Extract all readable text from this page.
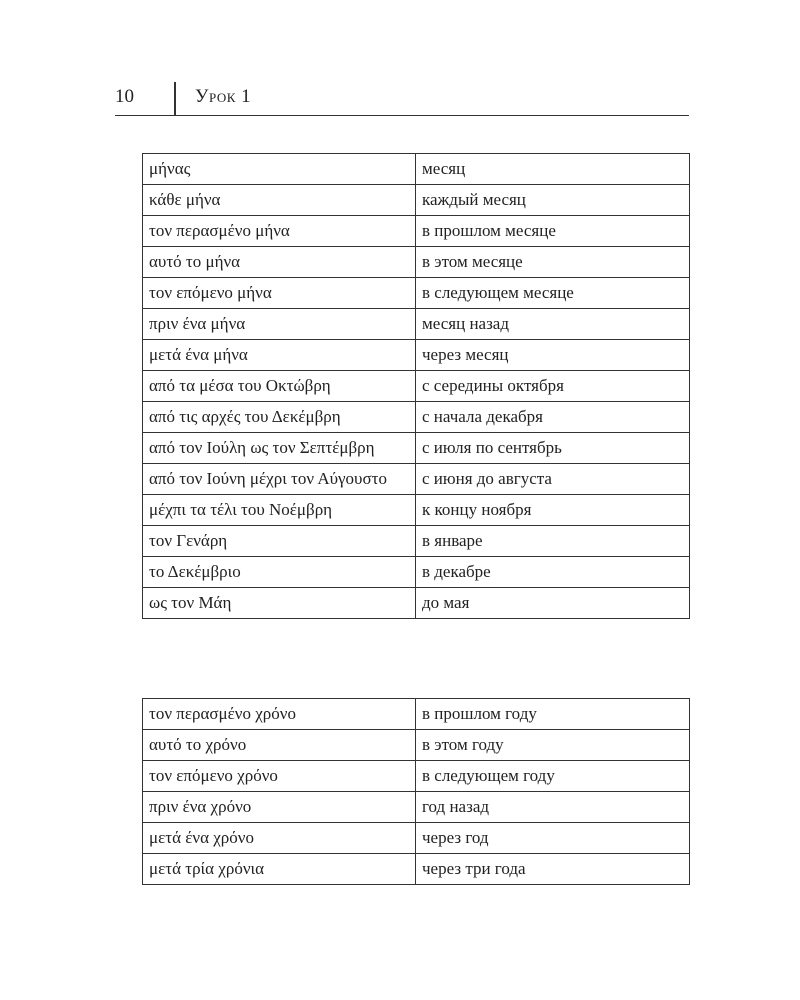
10	Урок 1
μήνας	месяц
κάθε μήνα	каждый месяц
τον περασμένο μήνα	в прошлом месяце
αυτό το μήνα	в этом месяце
τον επόμενο μήνα	в следующем месяце
πριν ένα μήνα	месяц назад
μετά ένα μήνα	через месяц
από τα μέσα του Οκτώβρη	с середины октября
από τις αρχές του Δεκέμβρη	с начала декабря
από τον Ιούλη ως τον Σεπτέμβρη	с июля по сентябрь
από τον Ιούνη μέχρι τον Αύγουστο	с июня до августа
μέχπι τα τέλι του Νοέμβρη	к концу ноября
τον Γενάρη	в январе
το Δεκέμβριο	в декабре
ως τον Μάη	до мая
τον περασμένο χρόνο	в прошлом году
αυτό το χρόνο	в этом году
τον επόμενο χρόνο	в следующем году
πριν ένα χρόνο	год назад
μετά ένα χρόνο	через год
μετά τρία χρόνια	через три года
